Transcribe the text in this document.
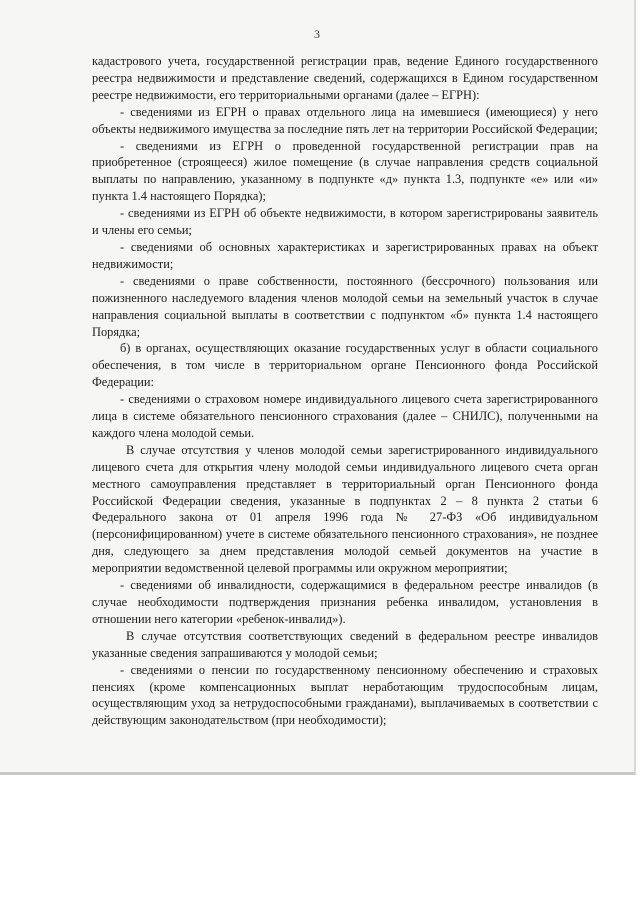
3

кадастрового учета, государственной регистрации прав, ведение Единого государственного реестра недвижимости и представление сведений, содержащихся в Едином государственном реестре недвижимости, его территориальными органами (далее – ЕГРН):

- сведениями из ЕГРН о правах отдельного лица на имевшиеся (имеющиеся) у него объекты недвижимого имущества за последние пять лет на территории Российской Федерации;

- сведениями из ЕГРН о проведенной государственной регистрации прав на приобретенное (строящееся) жилое помещение (в случае направления средств социальной выплаты по направлению, указанному в подпункте «д» пункта 1.3, подпункте «е» или «и» пункта 1.4 настоящего Порядка);

- сведениями из ЕГРН об объекте недвижимости, в котором зарегистрированы заявитель и члены его семьи;

- сведениями об основных характеристиках и зарегистрированных правах на объект недвижимости;

- сведениями о праве собственности, постоянного (бессрочного) пользования или пожизненного наследуемого владения членов молодой семьи на земельный участок в случае направления социальной выплаты в соответствии с подпунктом «б» пункта 1.4 настоящего Порядка;

б) в органах, осуществляющих оказание государственных услуг в области социального обеспечения, в том числе в территориальном органе Пенсионного фонда Российской Федерации:

- сведениями о страховом номере индивидуального лицевого счета зарегистрированного лица в системе обязательного пенсионного страхования (далее – СНИЛС), полученными на каждого члена молодой семьи.

В случае отсутствия у членов молодой семьи зарегистрированного индивидуального лицевого счета для открытия члену молодой семьи индивидуального лицевого счета орган местного самоуправления представляет в территориальный орган Пенсионного фонда Российской Федерации сведения, указанные в подпунктах 2 – 8 пункта 2 статьи 6 Федерального закона от 01 апреля 1996 года № 27-ФЗ «Об индивидуальном (персонифицированном) учете в системе обязательного пенсионного страхования», не позднее дня, следующего за днем представления молодой семьей документов на участие в мероприятии ведомственной целевой программы или окружном мероприятии;

- сведениями об инвалидности, содержащимися в федеральном реестре инвалидов (в случае необходимости подтверждения признания ребенка инвалидом, установления в отношении него категории «ребенок-инвалид»).

В случае отсутствия соответствующих сведений в федеральном реестре инвалидов указанные сведения запрашиваются у молодой семьи;

- сведениями о пенсии по государственному пенсионному обеспечению и страховых пенсиях (кроме компенсационных выплат неработающим трудоспособным лицам, осуществляющим уход за нетрудоспособными гражданами), выплачиваемых в соответствии с действующим законодательством (при необходимости);
